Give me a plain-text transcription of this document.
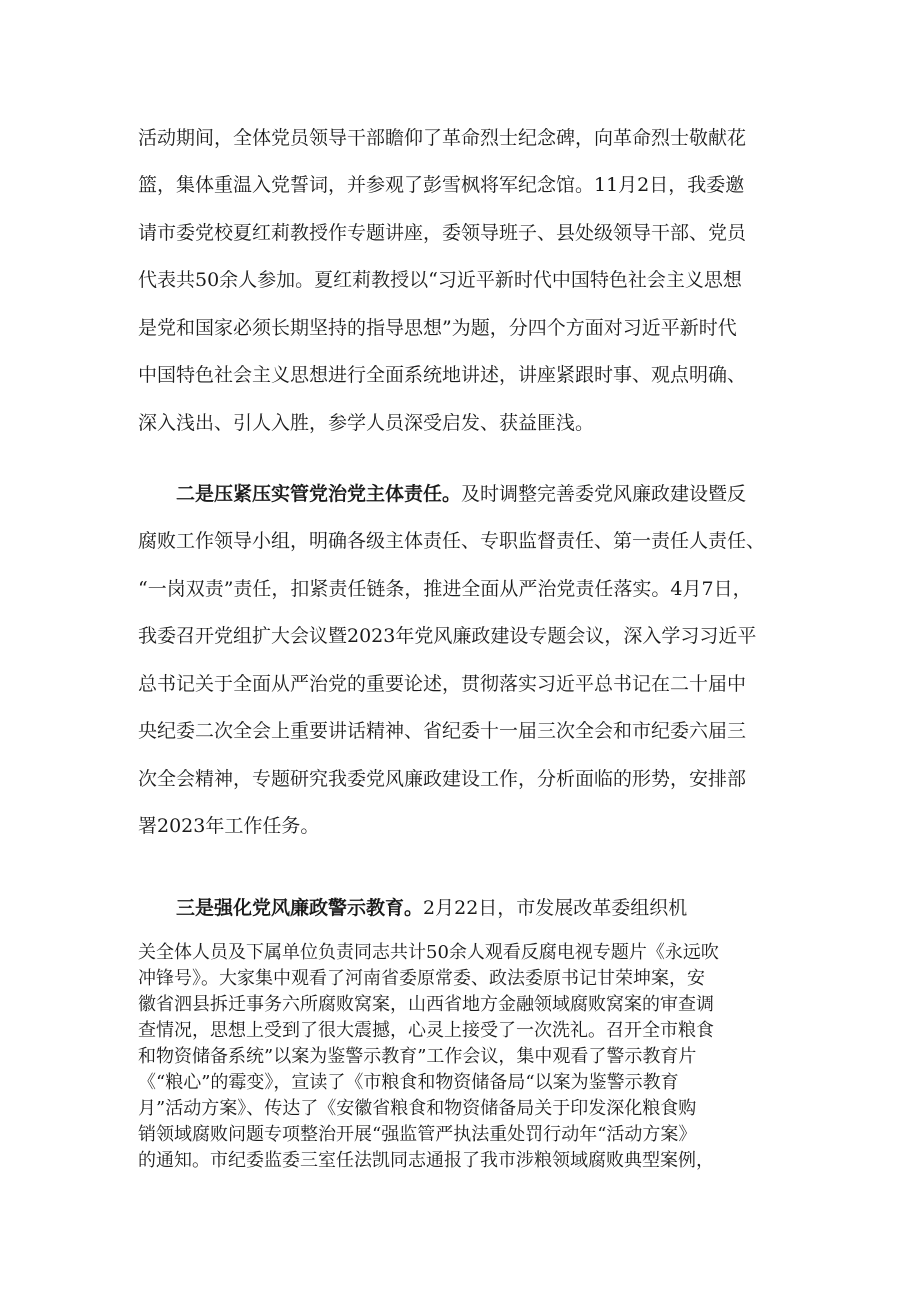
活动期间，全体党员领导干部瞻仰了革命烈士纪念碑，向革命烈士敬献花
篮，集体重温入党誓词，并参观了彭雪枫将军纪念馆。11月2日，我委邀
请市委党校夏红莉教授作专题讲座，委领导班子、县处级领导干部、党员
代表共50余人参加。夏红莉教授以“习近平新时代中国特色社会主义思想
是党和国家必须长期坚持的指导思想”为题，分四个方面对习近平新时代
中国特色社会主义思想进行全面系统地讲述，讲座紧跟时事、观点明确、
深入浅出、引人入胜，参学人员深受启发、获益匪浅。
二是压紧压实管党治党主体责任。及时调整完善委党风廉政建设暨反
腐败工作领导小组，明确各级主体责任、专职监督责任、第一责任人责任、
“一岗双责”责任，扣紧责任链条，推进全面从严治党责任落实。4月7日，
我委召开党组扩大会议暨2023年党风廉政建设专题会议，深入学习习近平
总书记关于全面从严治党的重要论述，贯彻落实习近平总书记在二十届中
央纪委二次全会上重要讲话精神、省纪委十一届三次全会和市纪委六届三
次全会精神，专题研究我委党风廉政建设工作，分析面临的形势，安排部
署2023年工作任务。
三是强化党风廉政警示教育。2月22日，市发展改革委组织机
关全体人员及下属单位负责同志共计50余人观看反腐电视专题片《永远吹
冲锋号》。大家集中观看了河南省委原常委、政法委原书记甘荣坤案，安
徽省泗县拆迁事务六所腐败窝案，山西省地方金融领域腐败窝案的审查调
查情况，思想上受到了很大震撼，心灵上接受了一次洗礼。召开全市粮食
和物资储备系统”以案为鉴警示教育”工作会议，集中观看了警示教育片
《“粮心”的霉变》，宣读了《市粮食和物资储备局“以案为鉴警示教育
月”活动方案》、传达了《安徽省粮食和物资储备局关于印发深化粮食购
销领域腐败问题专项整治开展“强监管严执法重处罚行动年“活动方案》
的通知。市纪委监委三室任法凯同志通报了我市涉粮领域腐败典型案例，
